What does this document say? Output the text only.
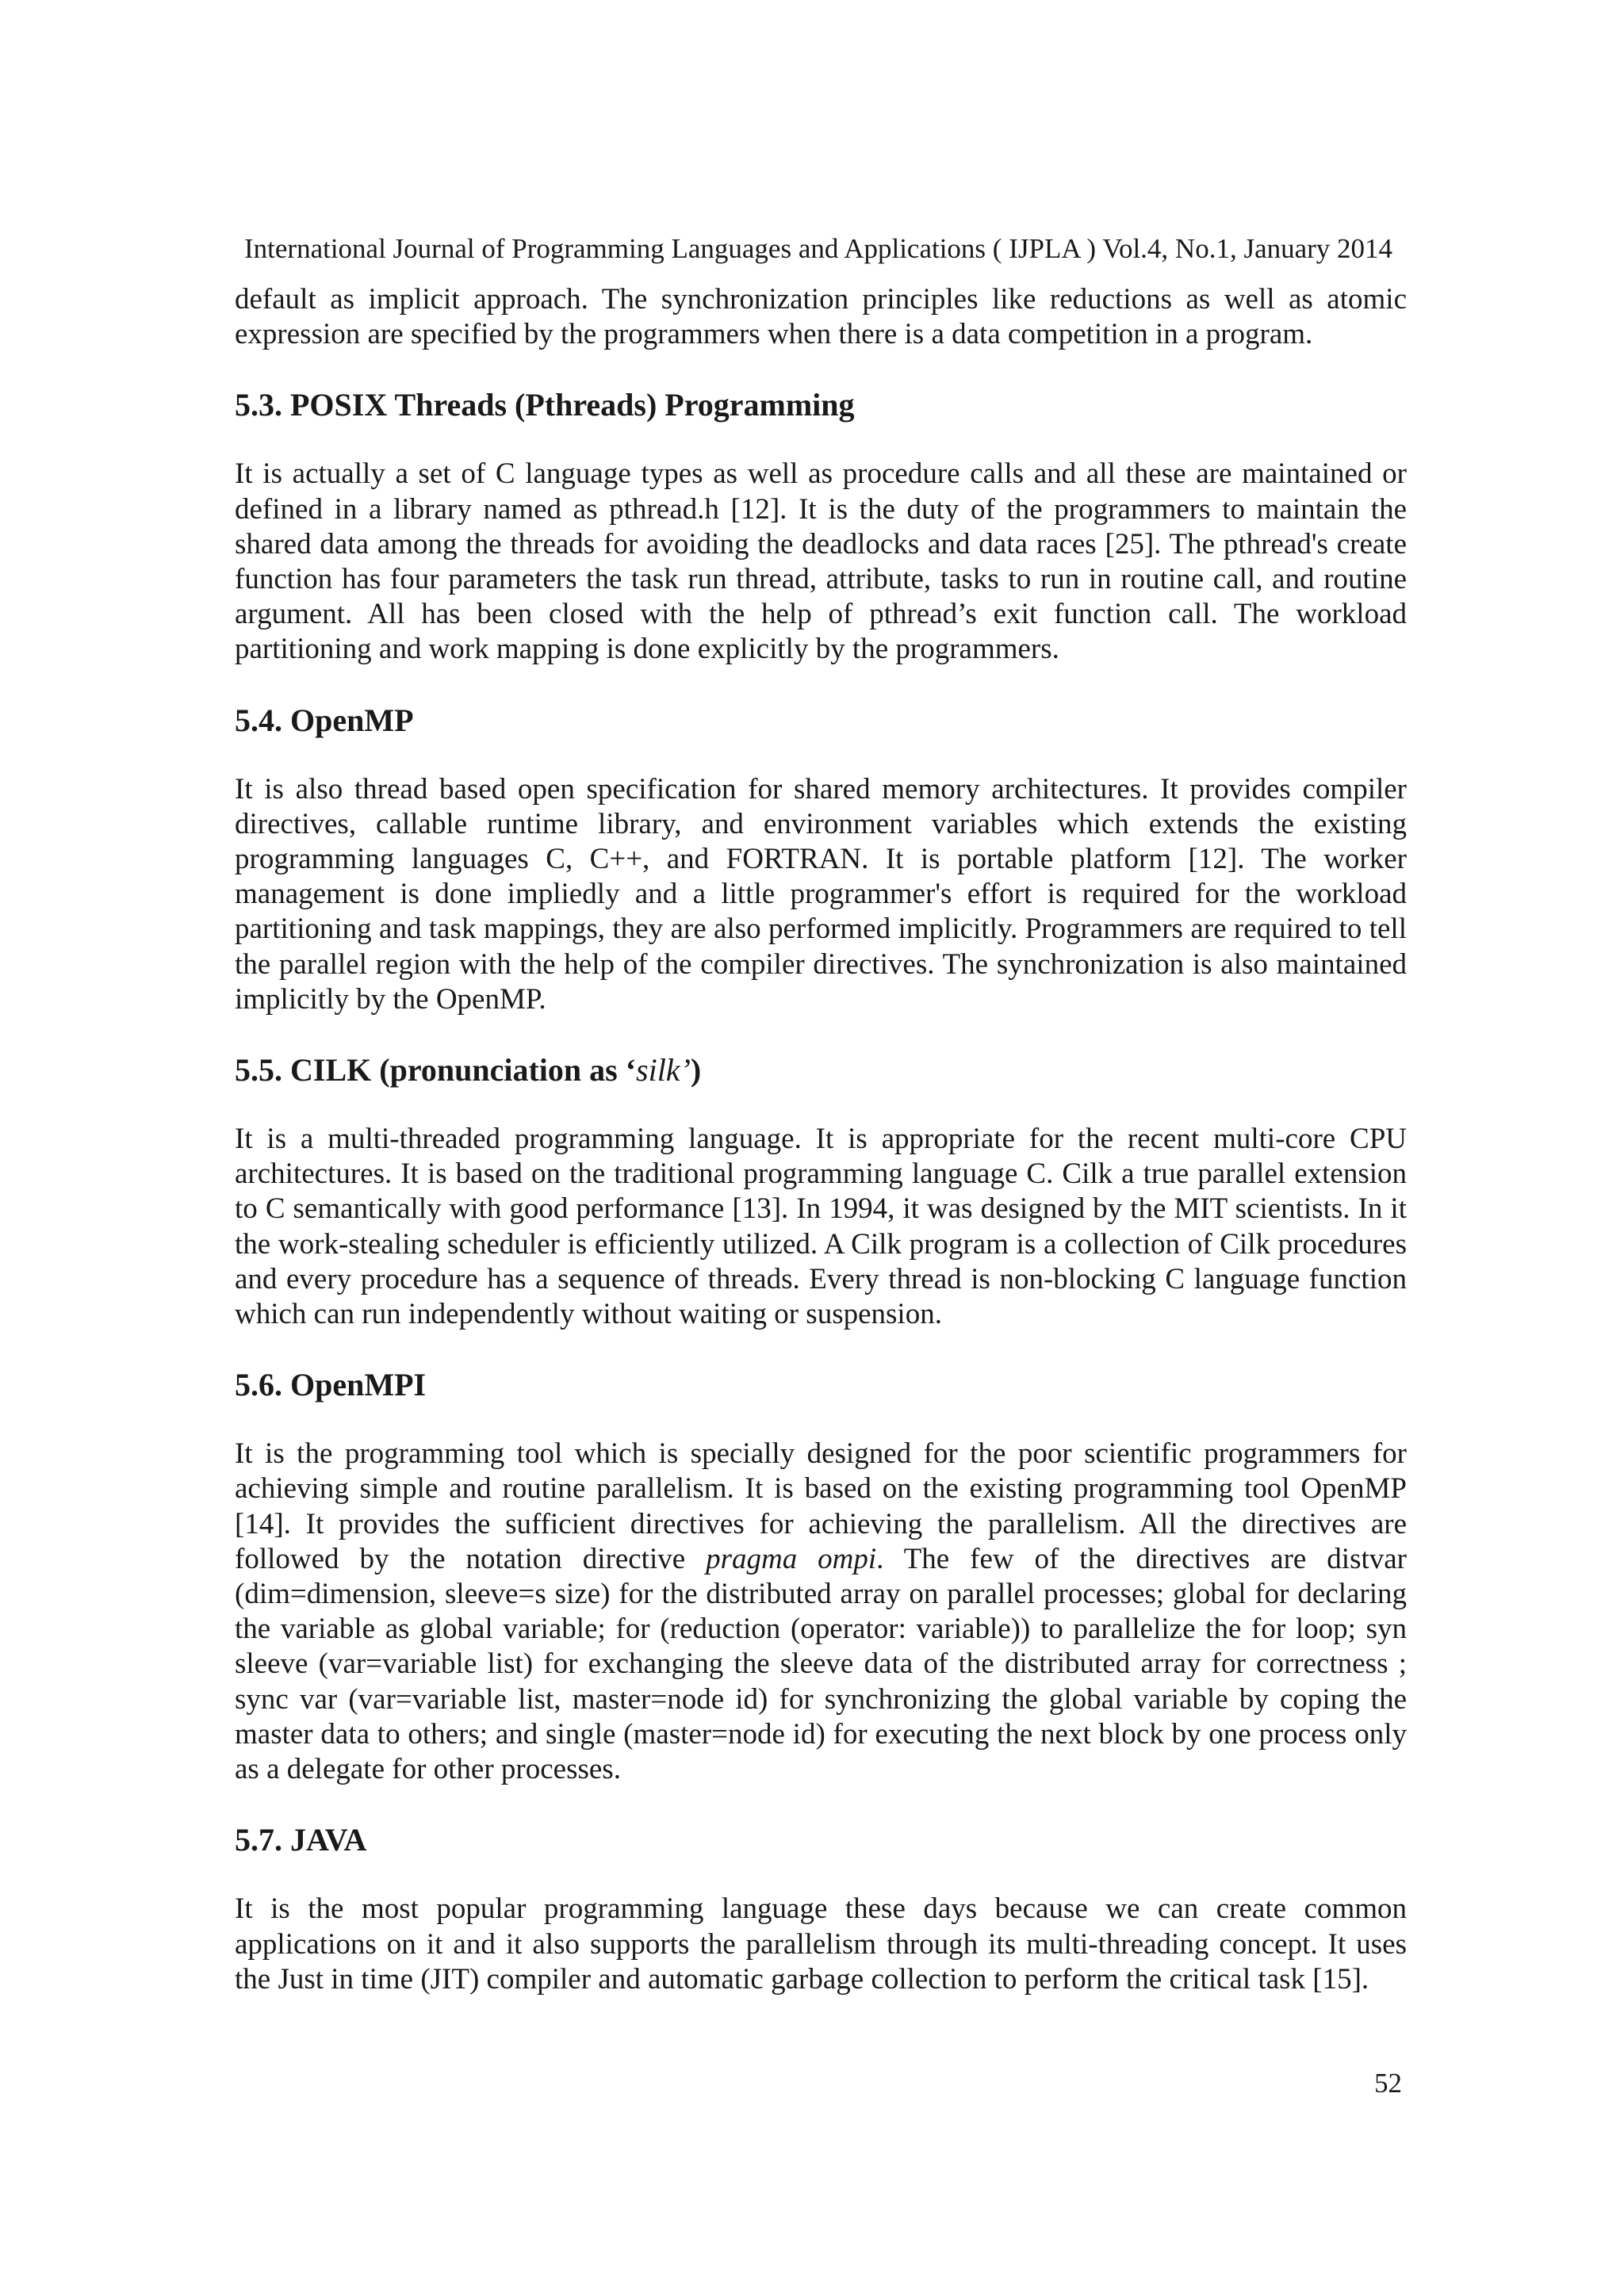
International Journal of Programming Languages and Applications ( IJPLA ) Vol.4, No.1, January 2014

default as implicit approach. The synchronization principles like reductions as well as atomic expression are specified by the programmers when there is a data competition in a program.

5.3. POSIX Threads (Pthreads) Programming

It is actually a set of C language types as well as procedure calls and all these are maintained or defined in a library named as pthread.h [12]. It is the duty of the programmers to maintain the shared data among the threads for avoiding the deadlocks and data races [25]. The pthread's create function has four parameters the task run thread, attribute, tasks to run in routine call, and routine argument. All has been closed with the help of pthread’s exit function call. The workload partitioning and work mapping is done explicitly by the programmers.

5.4. OpenMP

It is also thread based open specification for shared memory architectures. It provides compiler directives, callable runtime library, and environment variables which extends the existing programming languages C, C++, and FORTRAN. It is portable platform [12]. The worker management is done impliedly and a little programmer's effort is required for the workload partitioning and task mappings, they are also performed implicitly. Programmers are required to tell the parallel region with the help of the compiler directives. The synchronization is also maintained implicitly by the OpenMP.

5.5. CILK (pronunciation as ‘silk’)

It is a multi-threaded programming language. It is appropriate for the recent multi-core CPU architectures. It is based on the traditional programming language C. Cilk a true parallel extension to C semantically with good performance [13]. In 1994, it was designed by the MIT scientists. In it the work-stealing scheduler is efficiently utilized. A Cilk program is a collection of Cilk procedures and every procedure has a sequence of threads. Every thread is non-blocking C language function which can run independently without waiting or suspension.

5.6. OpenMPI

It is the programming tool which is specially designed for the poor scientific programmers for achieving simple and routine parallelism. It is based on the existing programming tool OpenMP [14]. It provides the sufficient directives for achieving the parallelism. All the directives are followed by the notation directive pragma ompi. The few of the directives are distvar (dim=dimension, sleeve=s size) for the distributed array on parallel processes; global for declaring the variable as global variable; for (reduction (operator: variable)) to parallelize the for loop; syn sleeve (var=variable list) for exchanging the sleeve data of the distributed array for correctness ; sync var (var=variable list, master=node id) for synchronizing the global variable by coping the master data to others; and single (master=node id) for executing the next block by one process only as a delegate for other processes.

5.7. JAVA

It is the most popular programming language these days because we can create common applications on it and it also supports the parallelism through its multi-threading concept. It uses the Just in time (JIT) compiler and automatic garbage collection to perform the critical task [15].

52
